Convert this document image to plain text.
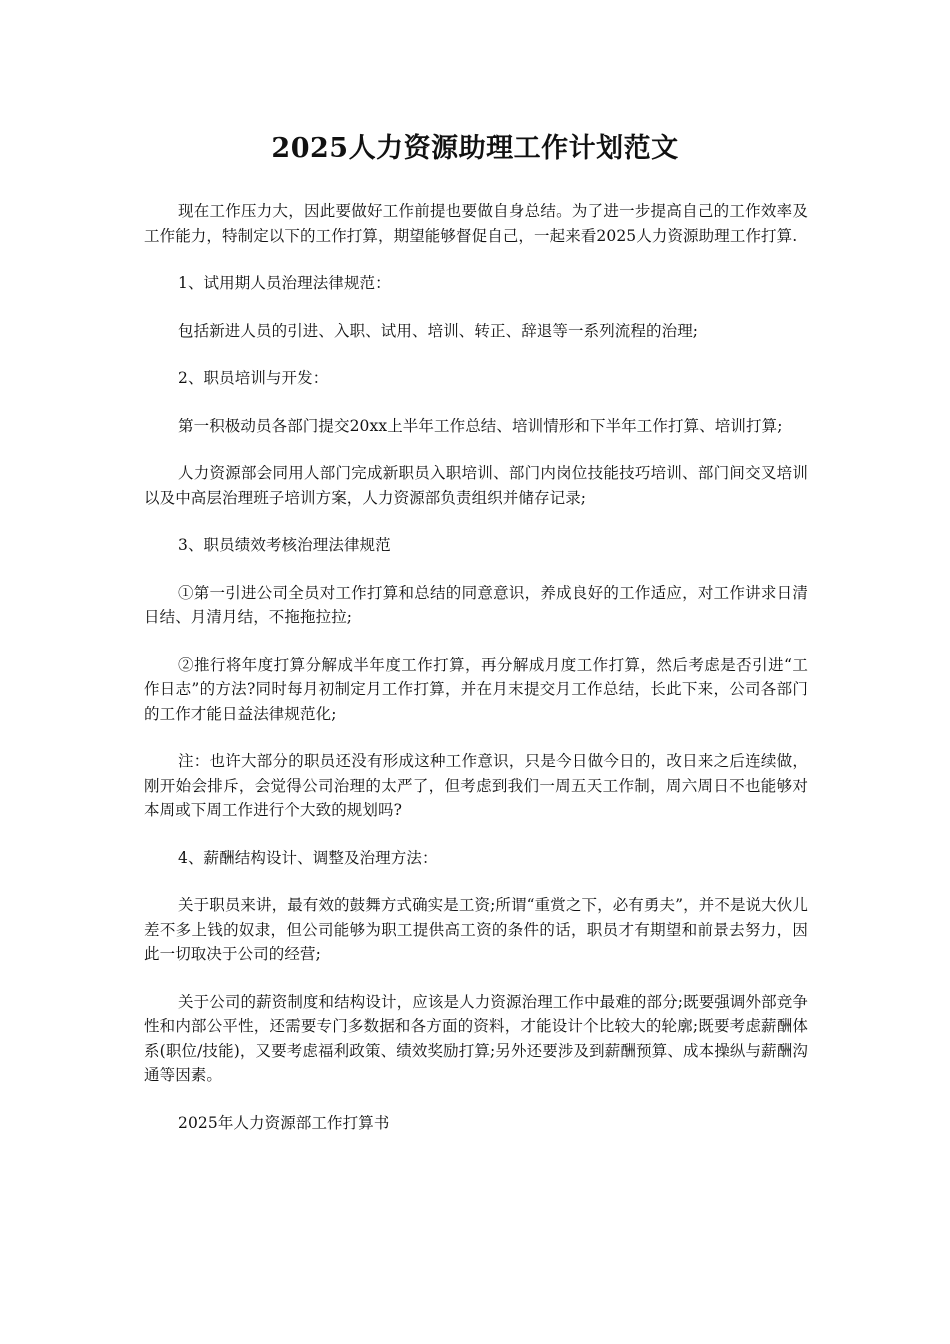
2025人力资源助理工作计划范文

现在工作压力大，因此要做好工作前提也要做自身总结。为了进一步提高自己的工作效率及工作能力，特制定以下的工作打算，期望能够督促自己，一起来看2025人力资源助理工作打算.

1、试用期人员治理法律规范：

包括新进人员的引进、入职、试用、培训、转正、辞退等一系列流程的治理;

2、职员培训与开发：

第一积极动员各部门提交20xx上半年工作总结、培训情形和下半年工作打算、培训打算;

人力资源部会同用人部门完成新职员入职培训、部门内岗位技能技巧培训、部门间交叉培训以及中高层治理班子培训方案，人力资源部负责组织并储存记录;

3、职员绩效考核治理法律规范

①第一引进公司全员对工作打算和总结的同意意识，养成良好的工作适应，对工作讲求日清日结、月清月结，不拖拖拉拉;

②推行将年度打算分解成半年度工作打算，再分解成月度工作打算，然后考虑是否引进“工作日志”的方法?同时每月初制定月工作打算，并在月末提交月工作总结，长此下来，公司各部门的工作才能日益法律规范化;

注：也许大部分的职员还没有形成这种工作意识，只是今日做今日的，改日来之后连续做，刚开始会排斥，会觉得公司治理的太严了，但考虑到我们一周五天工作制，周六周日不也能够对本周或下周工作进行个大致的规划吗?

4、薪酬结构设计、调整及治理方法：

关于职员来讲，最有效的鼓舞方式确实是工资;所谓“重赏之下，必有勇夫”，并不是说大伙儿差不多上钱的奴隶，但公司能够为职工提供高工资的条件的话，职员才有期望和前景去努力，因此一切取决于公司的经营;

关于公司的薪资制度和结构设计，应该是人力资源治理工作中最难的部分;既要强调外部竞争性和内部公平性，还需要专门多数据和各方面的资料，才能设计个比较大的轮廓;既要考虑薪酬体系(职位/技能)，又要考虑福利政策、绩效奖励打算;另外还要涉及到薪酬预算、成本操纵与薪酬沟通等因素。

2025年人力资源部工作打算书
